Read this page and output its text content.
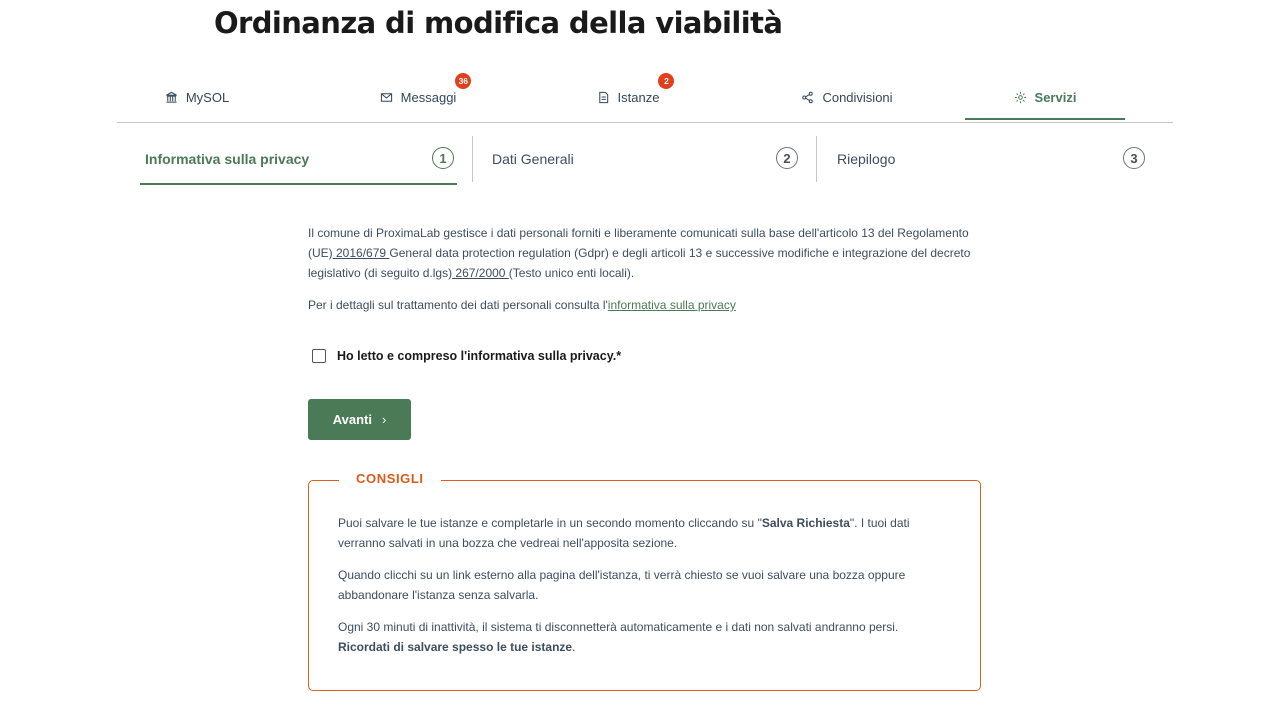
Ordinanza di modifica della viabilità
MySOL	Messaggi
36
Istanze
2
Condivisioni	Servizi
Informativa sulla privacy	1	Dati Generali	2	Riepilogo	3

Il comune di ProximaLab gestisce i dati personali forniti e liberamente comunicati sulla base dell'articolo 13 del Regolamento (UE) 2016/679 General data protection regulation (Gdpr) e degli articoli 13 e successive modifiche e integrazione del decreto legislativo (di seguito d.lgs) 267/2000 (Testo unico enti locali).

Per i dettagli sul trattamento dei dati personali consulta l'informativa sulla privacy

Ho letto e compreso l'informativa sulla privacy.*
Avanti ›
CONSIGLI

Puoi salvare le tue istanze e completarle in un secondo momento cliccando su "Salva Richiesta". I tuoi dati verranno salvati in una bozza che vedreai nell'apposita sezione.

Quando clicchi su un link esterno alla pagina dell'istanza, ti verrà chiesto se vuoi salvare una bozza oppure abbandonare l'istanza senza salvarla.

Ogni 30 minuti di inattività, il sistema ti disconnetterà automaticamente e i dati non salvati andranno persi.
Ricordati di salvare spesso le tue istanze.
